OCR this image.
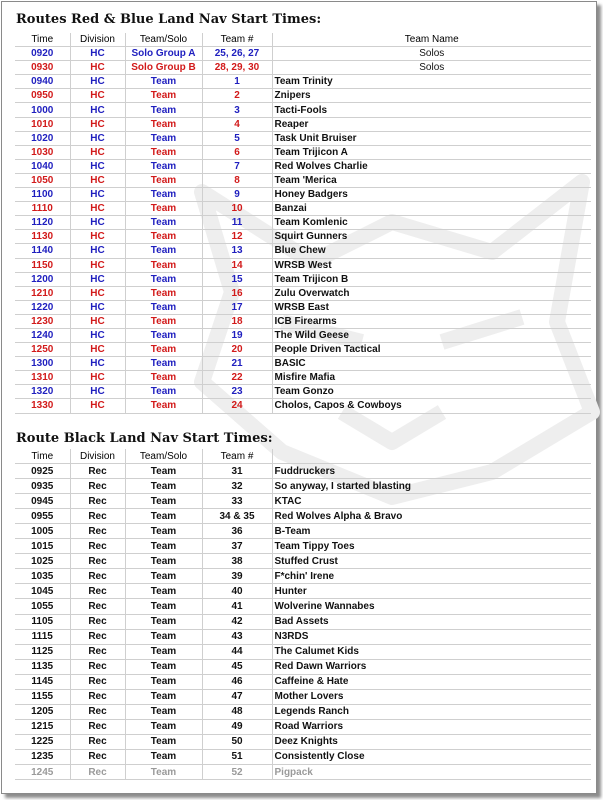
Routes Red & Blue Land Nav Start Times:
Time	Division	Team/Solo	Team #	Team Name
0920	HC	Solo Group A	25, 26, 27	Solos
0930	HC	Solo Group B	28, 29, 30	Solos
0940	HC	Team	1	Team Trinity
0950	HC	Team	2	Znipers
1000	HC	Team	3	Tacti-Fools
1010	HC	Team	4	Reaper
1020	HC	Team	5	Task Unit Bruiser
1030	HC	Team	6	Team Trijicon A
1040	HC	Team	7	Red Wolves Charlie
1050	HC	Team	8	Team 'Merica
1100	HC	Team	9	Honey Badgers
1110	HC	Team	10	Banzai
1120	HC	Team	11	Team Komlenic
1130	HC	Team	12	Squirt Gunners
1140	HC	Team	13	Blue Chew
1150	HC	Team	14	WRSB West
1200	HC	Team	15	Team Trijicon B
1210	HC	Team	16	Zulu Overwatch
1220	HC	Team	17	WRSB East
1230	HC	Team	18	ICB Firearms
1240	HC	Team	19	The Wild Geese
1250	HC	Team	20	People Driven Tactical
1300	HC	Team	21	BASIC
1310	HC	Team	22	Misfire Mafia
1320	HC	Team	23	Team Gonzo
1330	HC	Team	24	Cholos, Capos & Cowboys
Route Black Land Nav Start Times:
Time	Division	Team/Solo	Team #	
0925	Rec	Team	31	Fuddruckers
0935	Rec	Team	32	So anyway, I started blasting
0945	Rec	Team	33	KTAC
0955	Rec	Team	34 & 35	Red Wolves Alpha & Bravo
1005	Rec	Team	36	B-Team
1015	Rec	Team	37	Team Tippy Toes
1025	Rec	Team	38	Stuffed Crust
1035	Rec	Team	39	F*chin' Irene
1045	Rec	Team	40	Hunter
1055	Rec	Team	41	Wolverine Wannabes
1105	Rec	Team	42	Bad Assets
1115	Rec	Team	43	N3RDS
1125	Rec	Team	44	The Calumet Kids
1135	Rec	Team	45	Red Dawn Warriors
1145	Rec	Team	46	Caffeine & Hate
1155	Rec	Team	47	Mother Lovers
1205	Rec	Team	48	Legends Ranch
1215	Rec	Team	49	Road Warriors
1225	Rec	Team	50	Deez Knights
1235	Rec	Team	51	Consistently Close
1245	Rec	Team	52	Pigpack
